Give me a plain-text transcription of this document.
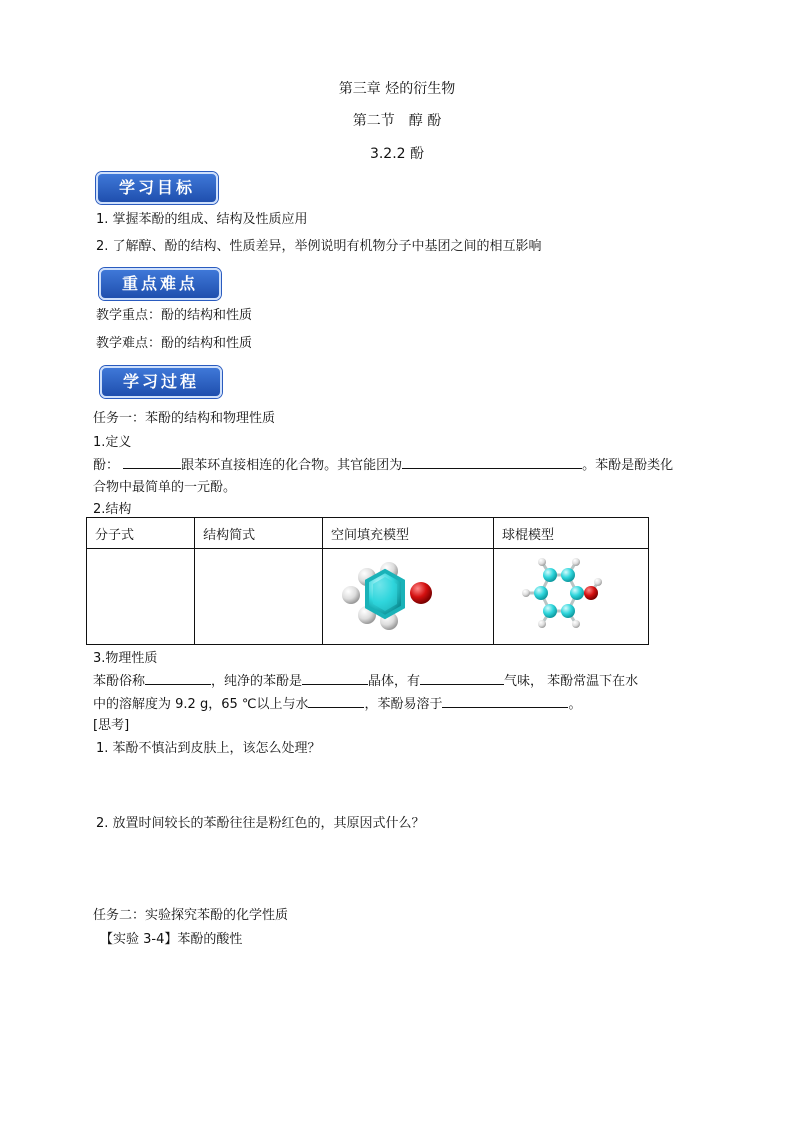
第三章 烃的衍生物
第二节　醇 酚
3.2.2 酚
学习目标
1. 掌握苯酚的组成、结构及性质应用
2. 了解醇、酚的结构、性质差异，举例说明有机物分子中基团之间的相互影响
重点难点
教学重点：酚的结构和性质
教学难点：酚的结构和性质
学习过程
任务一：苯酚的结构和物理性质
1.定义
酚：	跟苯环直接相连的化合物。其官能团为	。苯酚是酚类化
合物中最简单的一元酚。
2.结构
分子式	结构简式	空间填充模型	球棍模型

3.物理性质
苯酚俗称	，纯净的苯酚是	晶体，有	气味， 苯酚常温下在水
中的溶解度为 9.2 g，65 ℃以上与水	，苯酚易溶于	。
[思考]
1. 苯酚不慎沾到皮肤上，该怎么处理？
2. 放置时间较长的苯酚往往是粉红色的，其原因式什么？
任务二：实验探究苯酚的化学性质
【实验 3-4】苯酚的酸性
